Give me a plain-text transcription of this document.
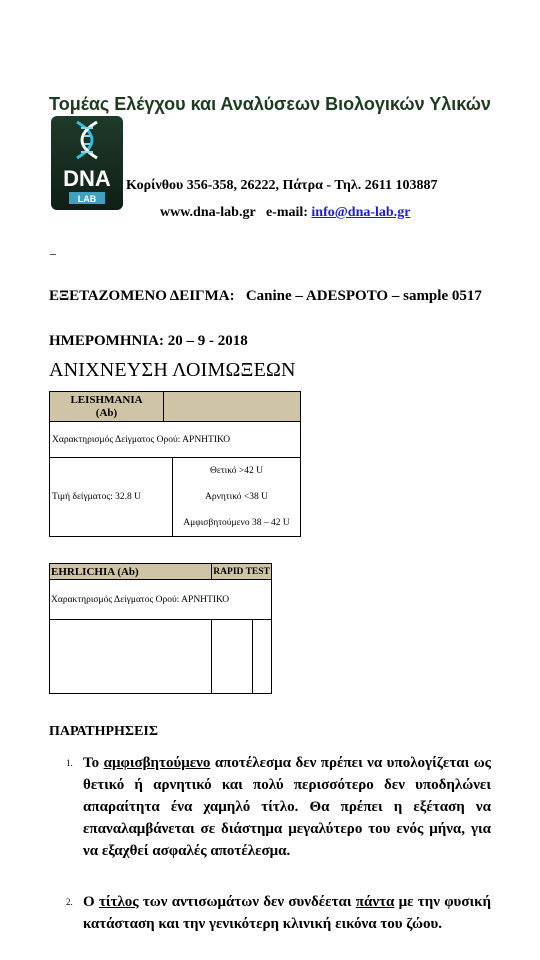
Τομέας Ελέγχου και Αναλύσεων Βιολογικών Υλικών
DNA
LAB
Κορίνθου 356-358, 26222, Πάτρα - Τηλ. 2611 103887
www.dna-lab.gr e-mail: info@dna-lab.gr
ΕΞΕΤΑΖΟΜΕΝΟ ΔΕΙΓΜΑ: Canine – ADESPOTO – sample 0517
ΗΜΕΡΟΜΗΝΙΑ: 20 – 9 - 2018
ΑΝΙΧΝΕΥΣΗ ΛΟΙΜΩΞΕΩΝ
LEISHMANIA
(Ab)		

Χαρακτηρισμός Δείγματος Ορού: ΑΡΝΗΤΙΚΟ		
Τιμή δείγματος: 32.8 U		Θετικό >42 U
Αρνητικό <38 U
Αμφισβητούμενο 38 – 42 U
EHRLICHIA (Ab)	RAPID TEST	
Χαρακτηρισμός Δείγματος Ορού: ΑΡΝΗΤΙΚΟ		

ΠΑΡΑΤΗΡΗΣΕΙΣ
1. Το αμφισβητούμενο αποτέλεσμα δεν πρέπει να υπολογίζεται ως θετικό ή αρνητικό και πολύ περισσότερο δεν υποδηλώνει απαραίτητα ένα χαμηλό τίτλο. Θα πρέπει η εξέταση να επαναλαμβάνεται σε διάστημα μεγαλύτερο του ενός μήνα, για να εξαχθεί ασφαλές αποτέλεσμα.
2. Ο τίτλος των αντισωμάτων δεν συνδέεται πάντα με την φυσική κατάσταση και την γενικότερη κλινική εικόνα του ζώου.
